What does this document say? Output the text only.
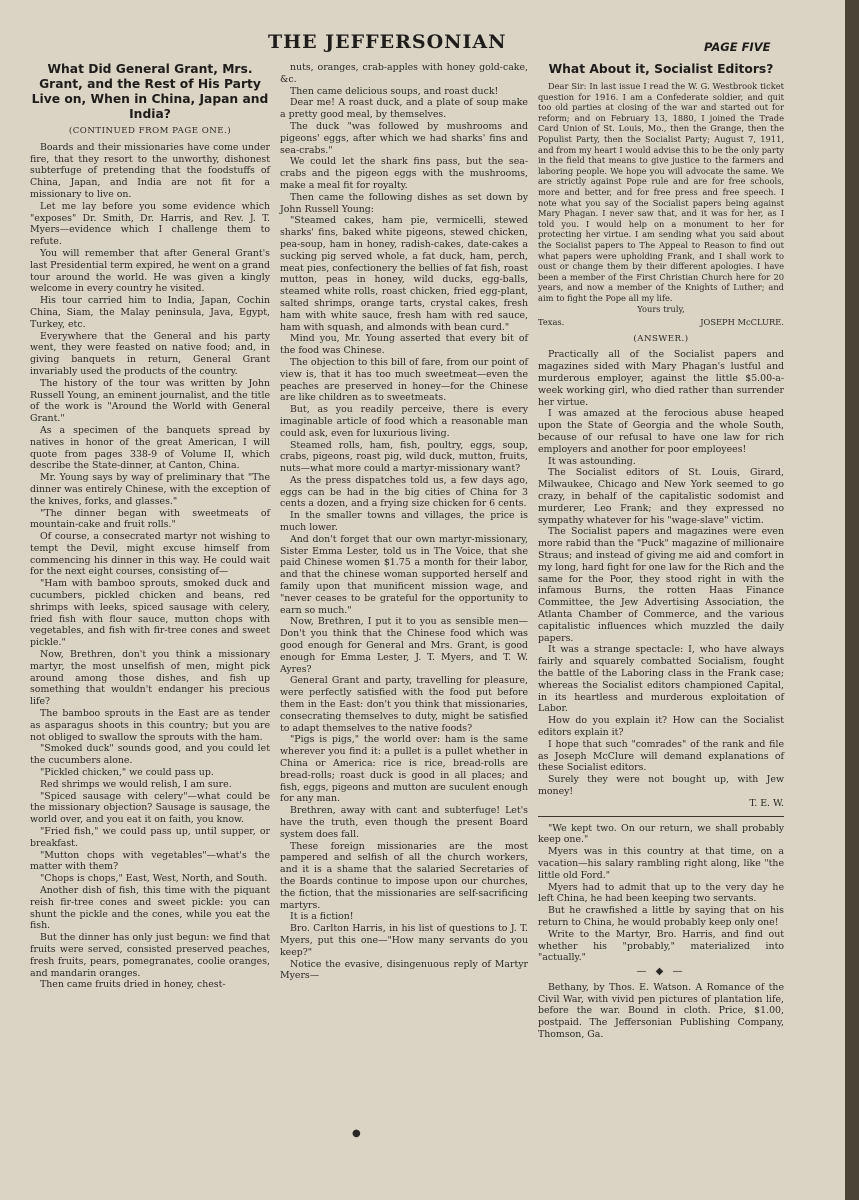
THE JEFFERSONIAN	PAGE FIVE
What Did General Grant, Mrs. Grant, and the Rest of His Party Live on, When in China, Japan and India?
(CONTINUED FROM PAGE ONE.)

Boards and their missionaries have come under fire, that they resort to the unworthy, dishonest subterfuge of pretending that the foodstuffs of China, Japan, and India are not fit for a missionary to live on.

Let me lay before you some evidence which "exposes" Dr. Smith, Dr. Harris, and Rev. J. T. Myers—evidence which I challenge them to refute.

You will remember that after General Grant's last Presidential term expired, he went on a grand tour around the world. He was given a kingly welcome in every country he visited.

His tour carried him to India, Japan, Cochin China, Siam, the Malay peninsula, Java, Egypt, Turkey, etc.

Everywhere that the General and his party went, they were feasted on native food; and, in giving banquets in return, General Grant invariably used the products of the country.

The history of the tour was written by John Russell Young, an eminent journalist, and the title of the work is "Around the World with General Grant."

As a specimen of the banquets spread by natives in honor of the great American, I will quote from pages 338-9 of Volume II, which describe the State-dinner, at Canton, China.

Mr. Young says by way of preliminary that "The dinner was entirely Chinese, with the exception of the knives, forks, and glasses."

"The dinner began with sweetmeats of mountain-cake and fruit rolls."

Of course, a consecrated martyr not wishing to tempt the Devil, might excuse himself from commencing his dinner in this way. He could wait for the next eight courses, consisting of—

"Ham with bamboo sprouts, smoked duck and cucumbers, pickled chicken and beans, red shrimps with leeks, spiced sausage with celery, fried fish with flour sauce, mutton chops with vegetables, and fish with fir-tree cones and sweet pickle."

Now, Brethren, don't you think a missionary martyr, the most unselfish of men, might pick around among those dishes, and fish up something that wouldn't endanger his precious life?

The bamboo sprouts in the East are as tender as asparagus shoots in this country; but you are not obliged to swallow the sprouts with the ham.

"Smoked duck" sounds good, and you could let the cucumbers alone.

"Pickled chicken," we could pass up.

Red shrimps we would relish, I am sure.

"Spiced sausage with celery"—what could be the missionary objection? Sausage is sausage, the world over, and you eat it on faith, you know.

"Fried fish," we could pass up, until supper, or breakfast.

"Mutton chops with vegetables"—what's the matter with them?

"Chops is chops," East, West, North, and South.

Another dish of fish, this time with the piquant reish fir-tree cones and sweet pickle: you can shunt the pickle and the cones, while you eat the fish.

But the dinner has only just begun: we find that fruits were served, consisted preserved peaches, fresh fruits, pears, pomegranates, coolie oranges, and mandarin oranges.

Then came fruits dried in honey, chest-

nuts, oranges, crab-apples with honey gold-cake, &c.

Then came delicious soups, and roast duck!

Dear me! A roast duck, and a plate of soup make a pretty good meal, by themselves.

The duck "was followed by mushrooms and pigeons' eggs, after which we had sharks' fins and sea-crabs."

We could let the shark fins pass, but the sea-crabs and the pigeon eggs with the mushrooms, make a meal fit for royalty.

Then came the following dishes as set down by John Russell Young:

"Steamed cakes, ham pie, vermicelli, stewed sharks' fins, baked white pigeons, stewed chicken, pea-soup, ham in honey, radish-cakes, date-cakes a sucking pig served whole, a fat duck, ham, perch, meat pies, confectionery the bellies of fat fish, roast mutton, peas in honey, wild ducks, egg-balls, steamed white rolls, roast chicken, fried egg-plant, salted shrimps, orange tarts, crystal cakes, fresh ham with white sauce, fresh ham with red sauce, ham with squash, and almonds with bean curd."

Mind you, Mr. Young asserted that every bit of the food was Chinese.

The objection to this bill of fare, from our point of view is, that it has too much sweetmeat—even the peaches are preserved in honey—for the Chinese are like children as to sweetmeats.

But, as you readily perceive, there is every imaginable article of food which a reasonable man could ask, even for luxurious living.

Steamed rolls, ham, fish, poultry, eggs, soup, crabs, pigeons, roast pig, wild duck, mutton, fruits, nuts—what more could a martyr-missionary want?

As the press dispatches told us, a few days ago, eggs can be had in the big cities of China for 3 cents a dozen, and a frying size chicken for 6 cents.

In the smaller towns and villages, the price is much lower.

And don't forget that our own martyr-missionary, Sister Emma Lester, told us in The Voice, that she paid Chinese women $1.75 a month for their labor, and that the chinese woman supported herself and family upon that munificent mission wage, and "never ceases to be grateful for the opportunity to earn so much."

Now, Brethren, I put it to you as sensible men—Don't you think that the Chinese food which was good enough for General and Mrs. Grant, is good enough for Emma Lester, J. T. Myers, and T. W. Ayres?

General Grant and party, travelling for pleasure, were perfectly satisfied with the food put before them in the East: don't you think that missionaries, consecrating themselves to duty, might be satisfied to adapt themselves to the native foods?

"Pigs is pigs," the world over: ham is the same wherever you find it: a pullet is a pullet whether in China or America: rice is rice, bread-rolls are bread-rolls; roast duck is good in all places; and fish, eggs, pigeons and mutton are suculent enough for any man.

Brethren, away with cant and subterfuge! Let's have the truth, even though the present Board system does fall.

These foreign missionaries are the most pampered and selfish of all the church workers, and it is a shame that the salaried Secretaries of the Boards continue to impose upon our churches, the fiction, that the missionaries are self-sacrificing martyrs.

It is a fiction!

Bro. Carlton Harris, in his list of questions to J. T. Myers, put this one—"How many servants do you keep?"

Notice the evasive, disingenuous reply of Martyr Myers—

What About it, Socialist Editors?

Dear Sir: In last issue I read the W. G. Westbrook ticket question for 1916. I am a Confederate soldier, and quit too old parties at closing of the war and started out for reform; and on February 13, 1880, I joined the Trade Card Union of St. Louis, Mo., then the Grange, then the Populist Party, then the Socialist Party; August 7, 1911, and from my heart I would advise this to be the only party in the field that means to give justice to the farmers and laboring people. We hope you will advocate the same. We are strictly against Pope rule and are for free schools, more and better, and for free press and free speech. I note what you say of the Socialist papers being against Mary Phagan. I never saw that, and it was for her, as I told you. I would help on a monument to her for protecting her virtue. I am sending what you said about the Socialist papers to The Appeal to Reason to find out what papers were upholding Frank, and I shall work to oust or change them by their different apologies. I have been a member of the First Christian Church here for 20 years, and now a member of the Knights of Luther; and aim to fight the Pope all my life.

Yours truly,
Texas.	JOSEPH McCLURE.
(ANSWER.)

Practically all of the Socialist papers and magazines sided with Mary Phagan's lustful and murderous employer, against the little $5.00-a-week working girl, who died rather than surrender her virtue.

I was amazed at the ferocious abuse heaped upon the State of Georgia and the whole South, because of our refusal to have one law for rich employers and another for poor employees!

It was astounding.

The Socialist editors of St. Louis, Girard, Milwaukee, Chicago and New York seemed to go crazy, in behalf of the capitalistic sodomist and murderer, Leo Frank; and they expressed no sympathy whatever for his "wage-slave" victim.

The Socialist papers and magazines were even more rabid than the "Puck" magazine of millionaire Straus; and instead of giving me aid and comfort in my long, hard fight for one law for the Rich and the same for the Poor, they stood right in with the infamous Burns, the rotten Haas Finance Committee, the Jew Advertising Association, the Atlanta Chamber of Commerce, and the various capitalistic influences which muzzled the daily papers.

It was a strange spectacle: I, who have always fairly and squarely combatted Socialism, fought the battle of the Laboring class in the Frank case; whereas the Socialist editors championed Capital, in its heartless and murderous exploitation of Labor.

How do you explain it? How can the Socialist editors explain it?

I hope that such "comrades" of the rank and file as Joseph McClure will demand explanations of these Socialist editors.

Surely they were not bought up, with Jew money!

T. E. W.

"We kept two. On our return, we shall probably keep one."

Myers was in this country at that time, on a vacation—his salary rambling right along, like "the little old Ford."

Myers had to admit that up to the very day he left China, he had been keeping two servants.

But he crawfished a little by saying that on his return to China, he would probably keep only one!

Write to the Martyr, Bro. Harris, and find out whether his "probably," materialized into "actually."

— ◆ —

Bethany, by Thos. E. Watson. A Romance of the Civil War, with vivid pen pictures of plantation life, before the war. Bound in cloth. Price, $1.00, postpaid. The Jeffersonian Publishing Company, Thomson, Ga.

●
